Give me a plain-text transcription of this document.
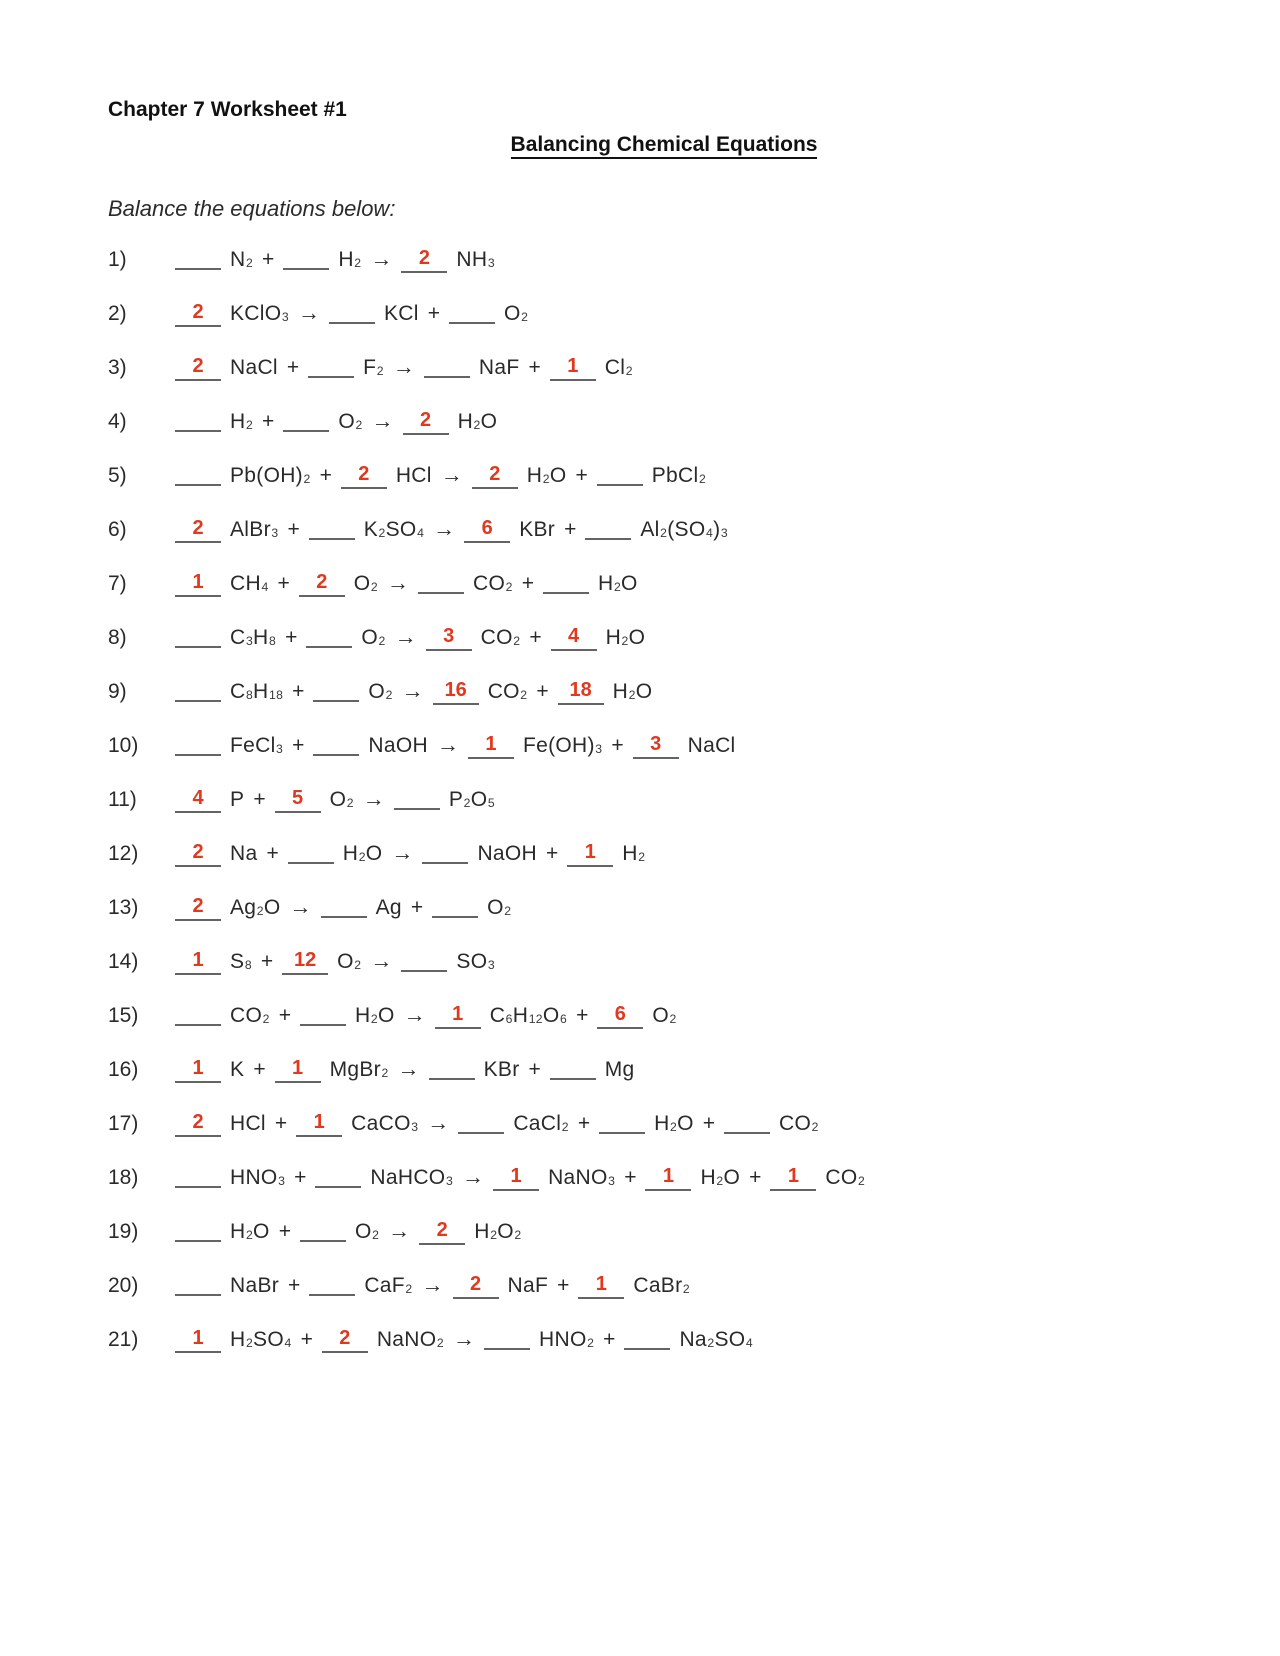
Chapter 7 Worksheet #1
Balancing Chemical Equations
Balance the equations below:
1)	N2 +	H2 → 2 NH3
2)	2 KClO3 →	KCl +	O2
3)	2 NaCl +	F2 →	NaF + 1 Cl2
4)	H2 +	O2 → 2 H2O
5)	Pb(OH)2 + 2 HCl → 2 H2O +	PbCl2
6)	2 AlBr3 +	K2SO4 → 6 KBr +	Al2(SO4)3
7)	1 CH4 + 2 O2 →	CO2 +	H2O
8)	C3H8 +	O2 → 3 CO2 + 4 H2O
9)	C8H18 +	O2 → 16 CO2 + 18 H2O
10)	FeCl3 +	NaOH → 1 Fe(OH)3 + 3 NaCl
11)	4 P + 5 O2 →	P2O5
12)	2 Na +	H2O →	NaOH + 1 H2
13)	2 Ag2O →	Ag +	O2
14)	1 S8 + 12 O2 →	SO3
15)	CO2 +	H2O → 1 C6H12O6 + 6 O2
16)	1 K + 1 MgBr2 →	KBr +	Mg
17)	2 HCl + 1 CaCO3 →	CaCl2 +	H2O +	CO2
18)	HNO3 +	NaHCO3 → 1 NaNO3 + 1 H2O + 1 CO2
19)	H2O +	O2 → 2 H2O2
20)	NaBr +	CaF2 → 2 NaF + 1 CaBr2
21)	1 H2SO4 + 2 NaNO2 →	HNO2 +	Na2SO4
